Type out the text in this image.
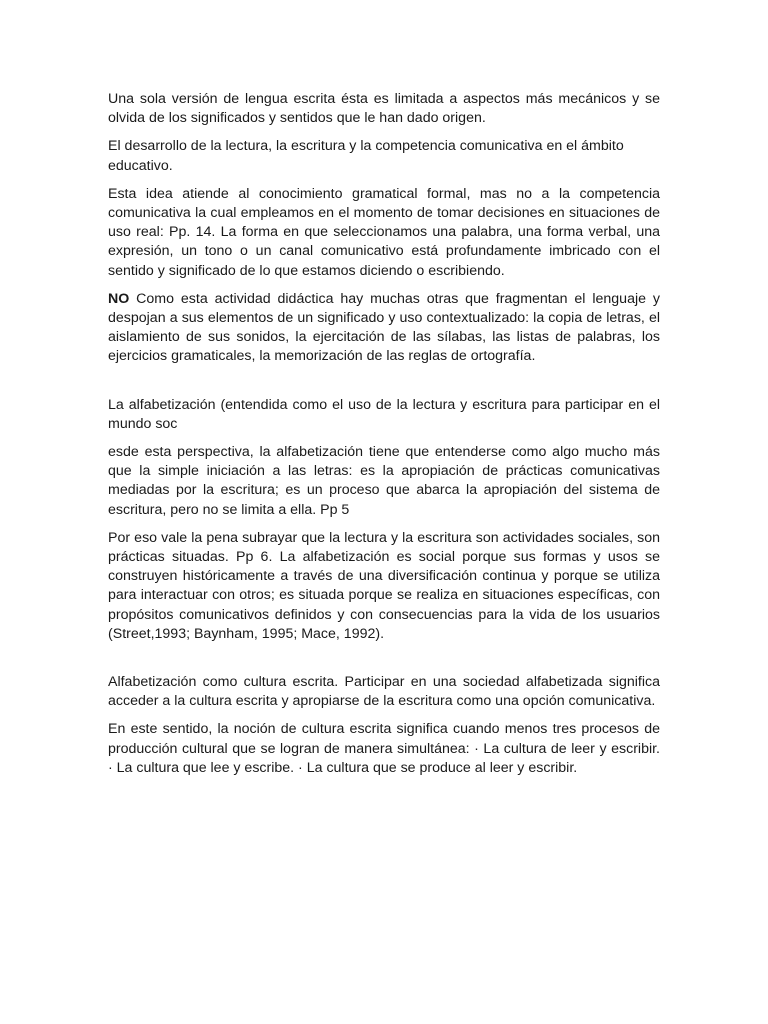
Una sola versión de lengua escrita ésta es limitada a aspectos más mecánicos y se olvida de los significados y sentidos que le han dado origen.

El desarrollo de la lectura, la escritura y la competencia comunicativa en el ámbito educativo.

Esta idea atiende al conocimiento gramatical formal, mas no a la competencia comunicativa la cual empleamos en el momento de tomar decisiones en situaciones de uso real: Pp. 14. La forma en que seleccionamos una palabra, una forma verbal, una expresión, un tono o un canal comunicativo está profundamente imbricado con el sentido y significado de lo que estamos diciendo o escribiendo.

NO Como esta actividad didáctica hay muchas otras que fragmentan el lenguaje y despojan a sus elementos de un significado y uso contextualizado: la copia de letras, el aislamiento de sus sonidos, la ejercitación de las sílabas, las listas de palabras, los ejercicios gramaticales, la memorización de las reglas de ortografía.

La alfabetización (entendida como el uso de la lectura y escritura para participar en el mundo soc

esde esta perspectiva, la alfabetización tiene que entenderse como algo mucho más que la simple iniciación a las letras: es la apropiación de prácticas comunicativas mediadas por la escritura; es un proceso que abarca la apropiación del sistema de escritura, pero no se limita a ella. Pp 5

Por eso vale la pena subrayar que la lectura y la escritura son actividades sociales, son prácticas situadas. Pp 6. La alfabetización es social porque sus formas y usos se construyen históricamente a través de una diversificación continua y porque se utiliza para interactuar con otros; es situada porque se realiza en situaciones específicas, con propósitos comunicativos definidos y con consecuencias para la vida de los usuarios (Street,1993; Baynham, 1995; Mace, 1992).

Alfabetización como cultura escrita. Participar en una sociedad alfabetizada significa acceder a la cultura escrita y apropiarse de la escritura como una opción comunicativa.

En este sentido, la noción de cultura escrita significa cuando menos tres procesos de producción cultural que se logran de manera simultánea: · La cultura de leer y escribir. · La cultura que lee y escribe. · La cultura que se produce al leer y escribir.
